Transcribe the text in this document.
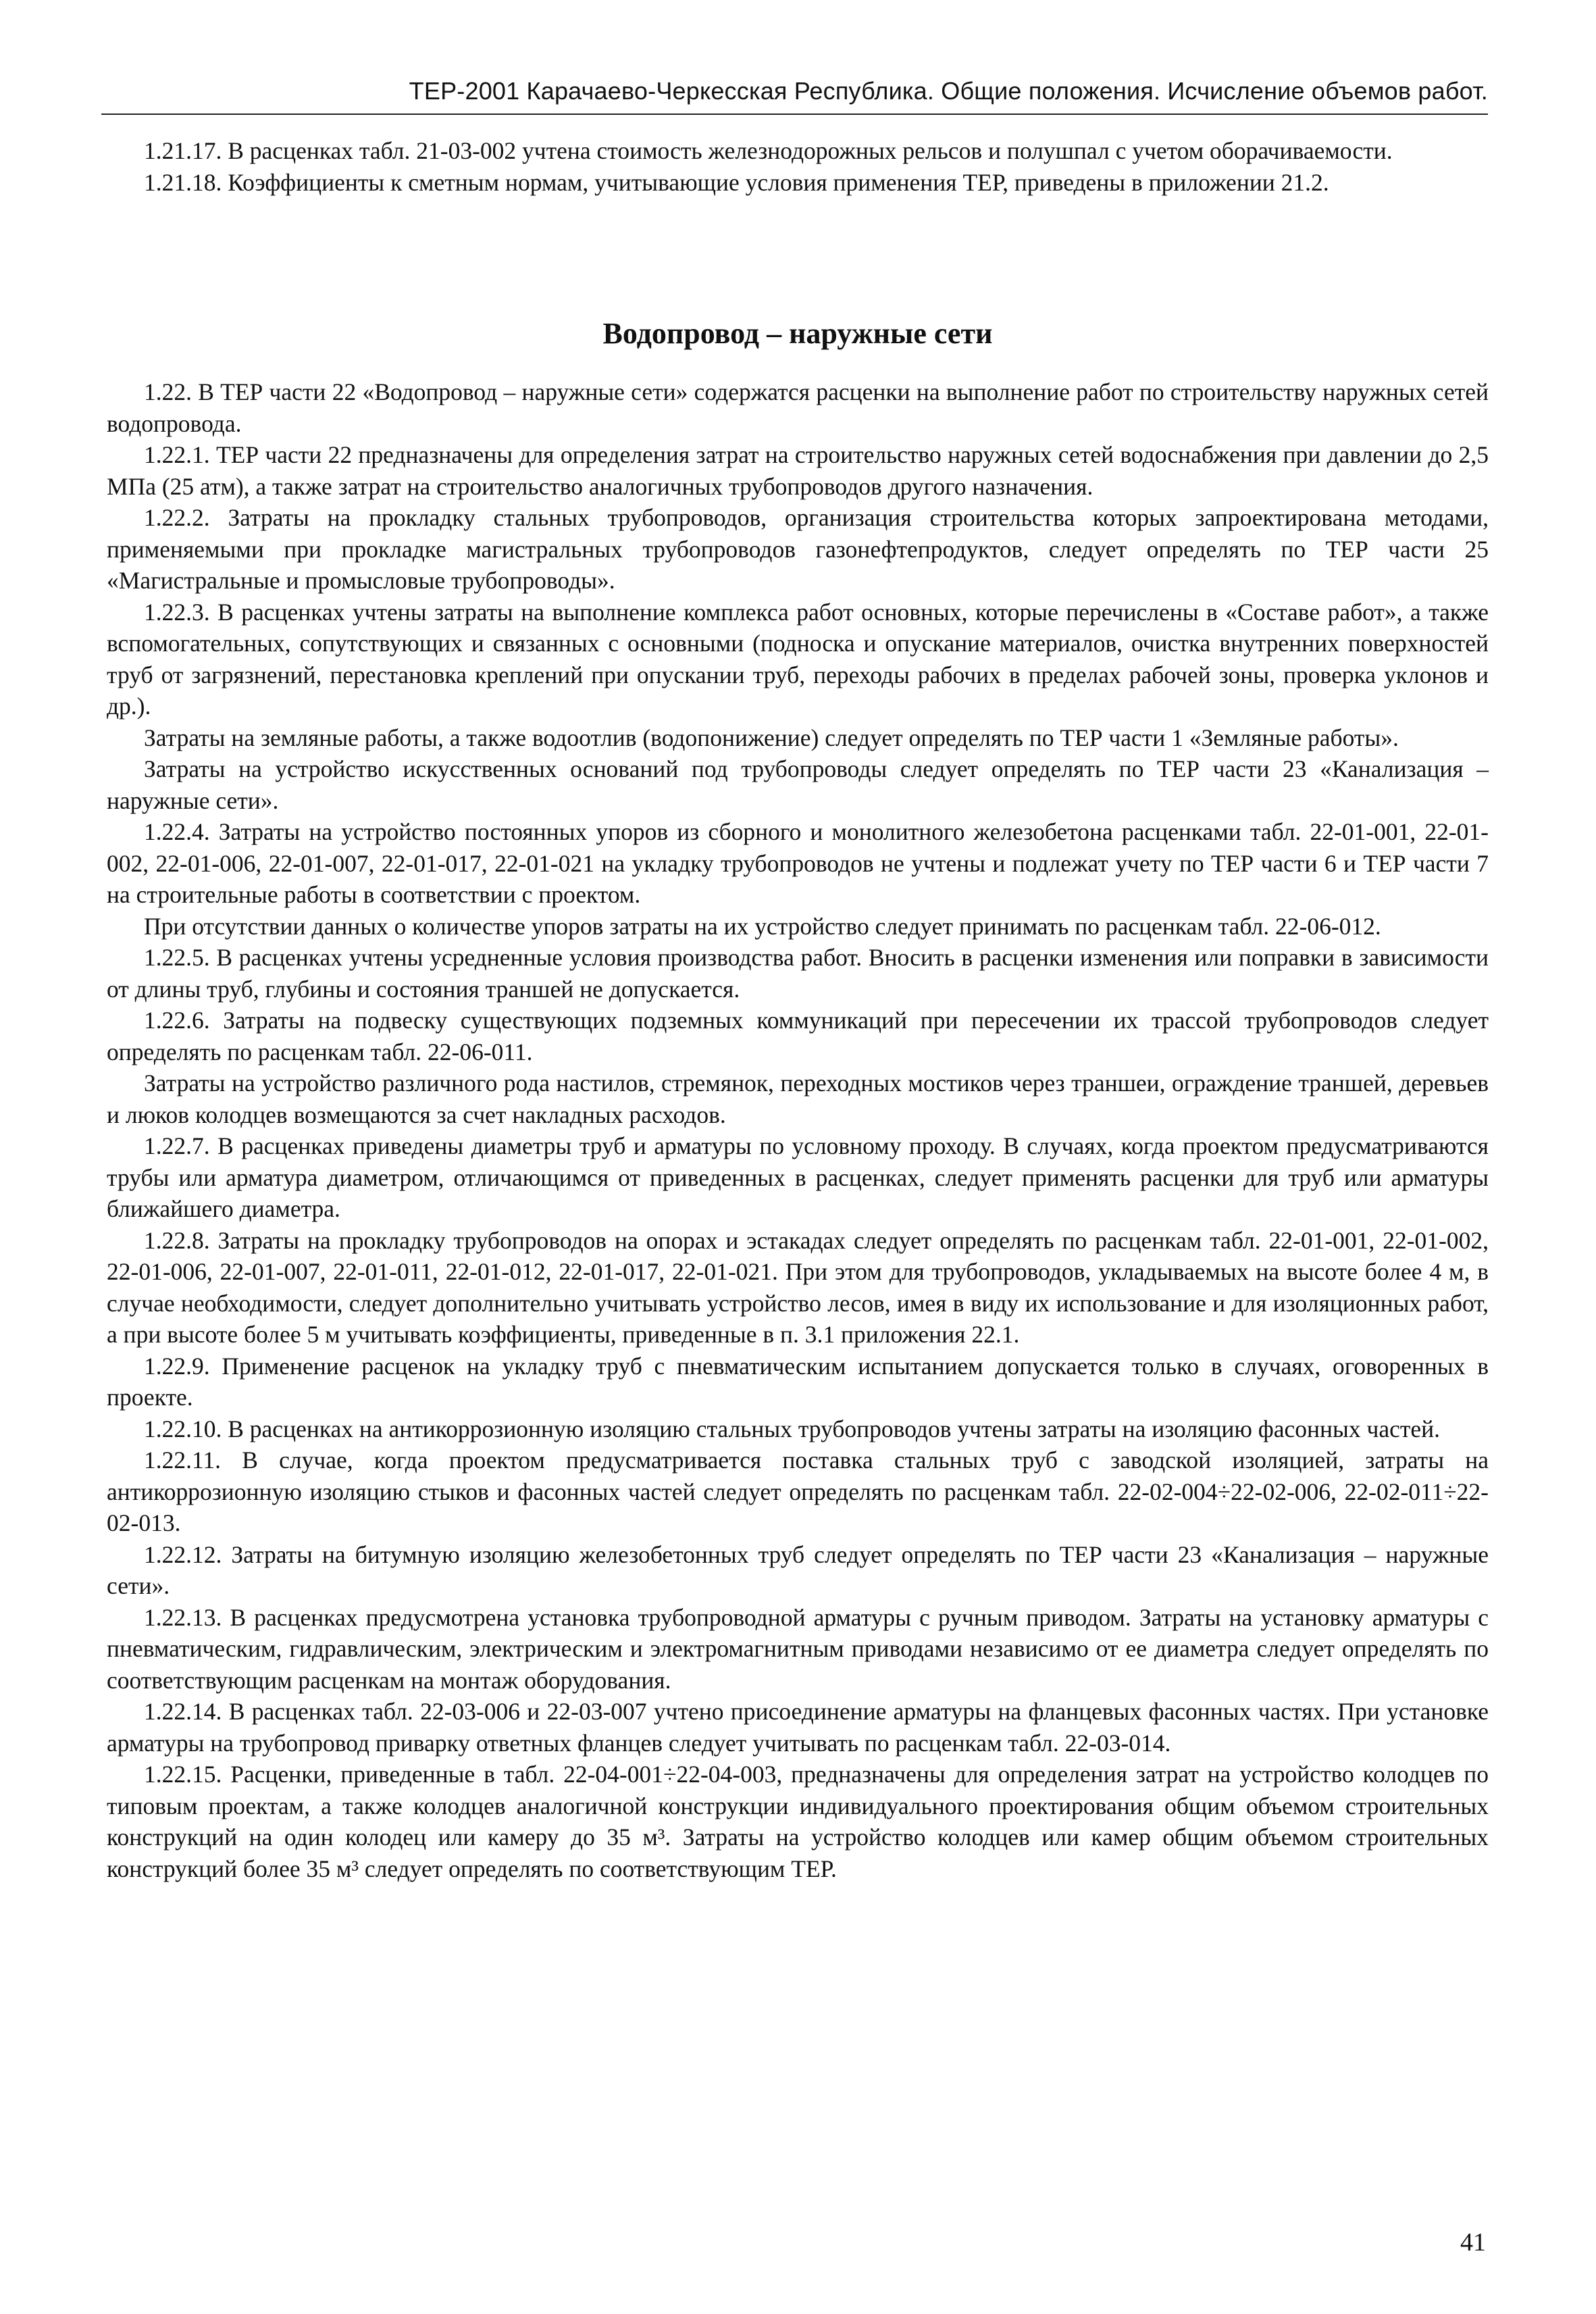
ТЕР-2001 Карачаево-Черкесская Республика. Общие положения. Исчисление объемов работ.

1.21.17. В расценках табл. 21-03-002 учтена стоимость железнодорожных рельсов и полушпал с учетом оборачиваемости.

1.21.18. Коэффициенты к сметным нормам, учитывающие условия применения ТЕР, приведены в приложении 21.2.

Водопровод – наружные сети

1.22. В ТЕР части 22 «Водопровод – наружные сети» содержатся расценки на выполнение работ по строительству наружных сетей водопровода.

1.22.1. ТЕР части 22 предназначены для определения затрат на строительство наружных сетей водоснабжения при давлении до 2,5 МПа (25 атм), а также затрат на строительство аналогичных трубопроводов другого назначения.

1.22.2. Затраты на прокладку стальных трубопроводов, организация строительства которых запроектирована методами, применяемыми при прокладке магистральных трубопроводов газонефтепродуктов, следует определять по ТЕР части 25 «Магистральные и промысловые трубопроводы».

1.22.3. В расценках учтены затраты на выполнение комплекса работ основных, которые перечислены в «Составе работ», а также вспомогательных, сопутствующих и связанных с основными (подноска и опускание материалов, очистка внутренних поверхностей труб от загрязнений, перестановка креплений при опускании труб, переходы рабочих в пределах рабочей зоны, проверка уклонов и др.).

Затраты на земляные работы, а также водоотлив (водопонижение) следует определять по ТЕР части 1 «Земляные работы».

Затраты на устройство искусственных оснований под трубопроводы следует определять по ТЕР части 23 «Канализация – наружные сети».

1.22.4. Затраты на устройство постоянных упоров из сборного и монолитного железобетона расценками табл. 22-01-001, 22-01-002, 22-01-006, 22-01-007, 22-01-017, 22-01-021 на укладку трубопроводов не учтены и подлежат учету по ТЕР части 6 и ТЕР части 7 на строительные работы в соответствии с проектом.

При отсутствии данных о количестве упоров затраты на их устройство следует принимать по расценкам табл. 22-06-012.

1.22.5. В расценках учтены усредненные условия производства работ. Вносить в расценки изменения или поправки в зависимости от длины труб, глубины и состояния траншей не допускается.

1.22.6. Затраты на подвеску существующих подземных коммуникаций при пересечении их трассой трубопроводов следует определять по расценкам табл. 22-06-011.

Затраты на устройство различного рода настилов, стремянок, переходных мостиков через траншеи, ограждение траншей, деревьев и люков колодцев возмещаются за счет накладных расходов.

1.22.7. В расценках приведены диаметры труб и арматуры по условному проходу. В случаях, когда проектом предусматриваются трубы или арматура диаметром, отличающимся от приведенных в расценках, следует применять расценки для труб или арматуры ближайшего диаметра.

1.22.8. Затраты на прокладку трубопроводов на опорах и эстакадах следует определять по расценкам табл. 22-01-001, 22-01-002, 22-01-006, 22-01-007, 22-01-011, 22-01-012, 22-01-017, 22-01-021. При этом для трубопроводов, укладываемых на высоте более 4 м, в случае необходимости, следует дополнительно учитывать устройство лесов, имея в виду их использование и для изоляционных работ, а при высоте более 5 м учитывать коэффициенты, приведенные в п. 3.1 приложения 22.1.

1.22.9. Применение расценок на укладку труб с пневматическим испытанием допускается только в случаях, оговоренных в проекте.

1.22.10. В расценках на антикоррозионную изоляцию стальных трубопроводов учтены затраты на изоляцию фасонных частей.

1.22.11. В случае, когда проектом предусматривается поставка стальных труб с заводской изоляцией, затраты на антикоррозионную изоляцию стыков и фасонных частей следует определять по расценкам табл. 22-02-004÷22-02-006, 22-02-011÷22-02-013.

1.22.12. Затраты на битумную изоляцию железобетонных труб следует определять по ТЕР части 23 «Канализация – наружные сети».

1.22.13. В расценках предусмотрена установка трубопроводной арматуры с ручным приводом. Затраты на установку арматуры с пневматическим, гидравлическим, электрическим и электромагнитным приводами независимо от ее диаметра следует определять по соответствующим расценкам на монтаж оборудования.

1.22.14. В расценках табл. 22-03-006 и 22-03-007 учтено присоединение арматуры на фланцевых фасонных частях. При установке арматуры на трубопровод приварку ответных фланцев следует учитывать по расценкам табл. 22-03-014.

1.22.15. Расценки, приведенные в табл. 22-04-001÷22-04-003, предназначены для определения затрат на устройство колодцев по типовым проектам, а также колодцев аналогичной конструкции индивидуального проектирования общим объемом строительных конструкций на один колодец или камеру до 35 м³. Затраты на устройство колодцев или камер общим объемом строительных конструкций более 35 м³ следует определять по соответствующим ТЕР.

41
